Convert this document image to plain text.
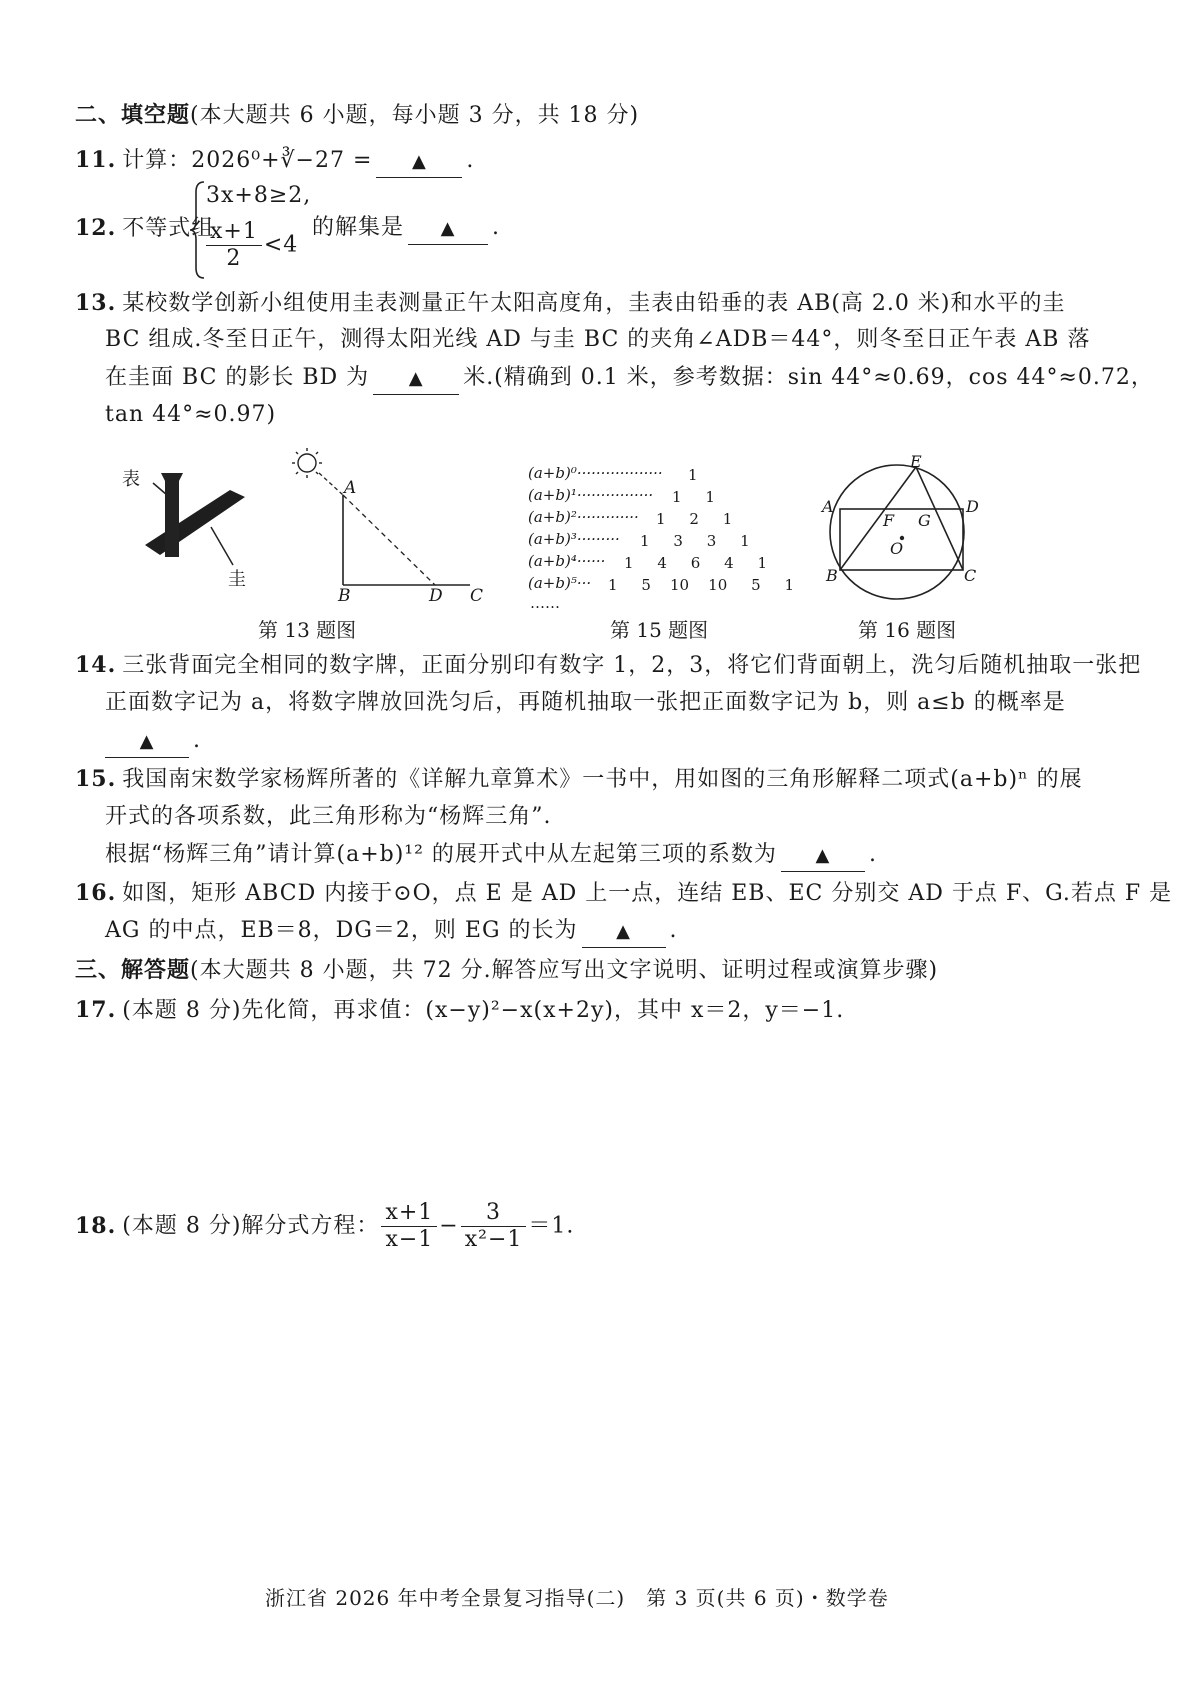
二、填空题(本大题共 6 小题，每小题 3 分，共 18 分)
11. 计算：2026⁰+∛−27 = ▲ .
12. 不等式组
3x+8≥2,
$\frac{x+1}{2} <4$
的解集是 ▲ .
13. 某校数学创新小组使用圭表测量正午太阳高度角，圭表由铅垂的表 AB(高 2.0 米)和水平的圭
BC 组成.冬至日正午，测得太阳光线 AD 与圭 BC 的夹角∠ADB＝44°，则冬至日正午表 AB 落
在圭面 BC 的影长 BD 为 ▲ 米.(精确到 0.1 米，参考数据：sin 44°≈0.69，cos 44°≈0.72，
tan 44°≈0.97)
表
圭
A
B	D C
第 13 题图
(a+b)⁰·················· 1
(a+b)¹················ 1     1
(a+b)²············· 1     2     1
(a+b)³········· 1     3     3     1
(a+b)⁴······ 1     4     6     4     1
(a+b)⁵··· 1     5    10    10     5     1
……
第 15 题图
E
A	D
F G
O
B	C
第 16 题图
14. 三张背面完全相同的数字牌，正面分别印有数字 1，2，3，将它们背面朝上，洗匀后随机抽取一张把
正面数字记为 a，将数字牌放回洗匀后，再随机抽取一张把正面数字记为 b，则 a≤b 的概率是
▲ .
15. 我国南宋数学家杨辉所著的《详解九章算术》一书中，用如图的三角形解释二项式(a+b)ⁿ 的展
开式的各项系数，此三角形称为“杨辉三角”.
根据“杨辉三角”请计算(a+b)¹² 的展开式中从左起第三项的系数为 ▲ .
16. 如图，矩形 ABCD 内接于⊙O，点 E 是 AD 上一点，连结 EB、EC 分别交 AD 于点 F、G.若点 F 是
AG 的中点，EB＝8，DG＝2，则 EG 的长为 ▲ .
三、解答题(本大题共 8 小题，共 72 分.解答应写出文字说明、证明过程或演算步骤)
17. (本题 8 分)先化简，再求值：(x−y)²−x(x+2y)，其中 x＝2，y＝−1.
18. (本题 8 分)解分式方程： $\frac{x+1}{x-1} - \frac{3}{\text{x²−1}} =1$.
浙江省 2026 年中考全景复习指导(二)　第 3 页(共 6 页)・数学卷
